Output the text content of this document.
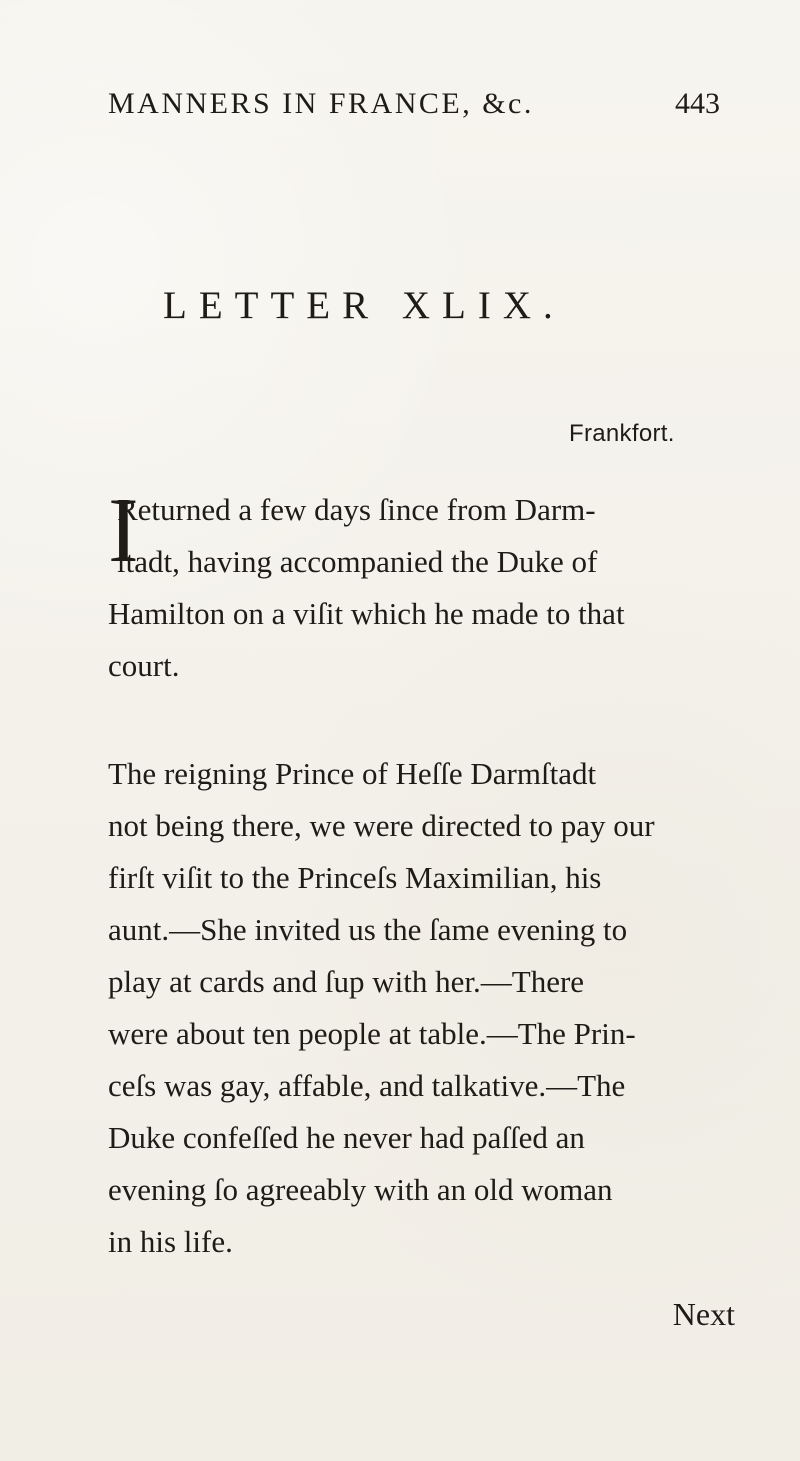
MANNERS IN FRANCE, &c.	443
LETTER XLIX.
Frankfort.
I
Returned a few days ſince from Darm-
ſtadt, having accompanied the Duke of
Hamilton on a viſit which he made to that
court.
The reigning Prince of Heſſe Darmſtadt
not being there, we were directed to pay our
firſt viſit to the Princeſs Maximilian, his
aunt.—She invited us the ſame evening to
play at cards and ſup with her.—There
were about ten people at table.—The Prin-
ceſs was gay, affable, and talkative.—The
Duke confeſſed he never had paſſed an
evening ſo agreeably with an old woman
in his life.
Next
